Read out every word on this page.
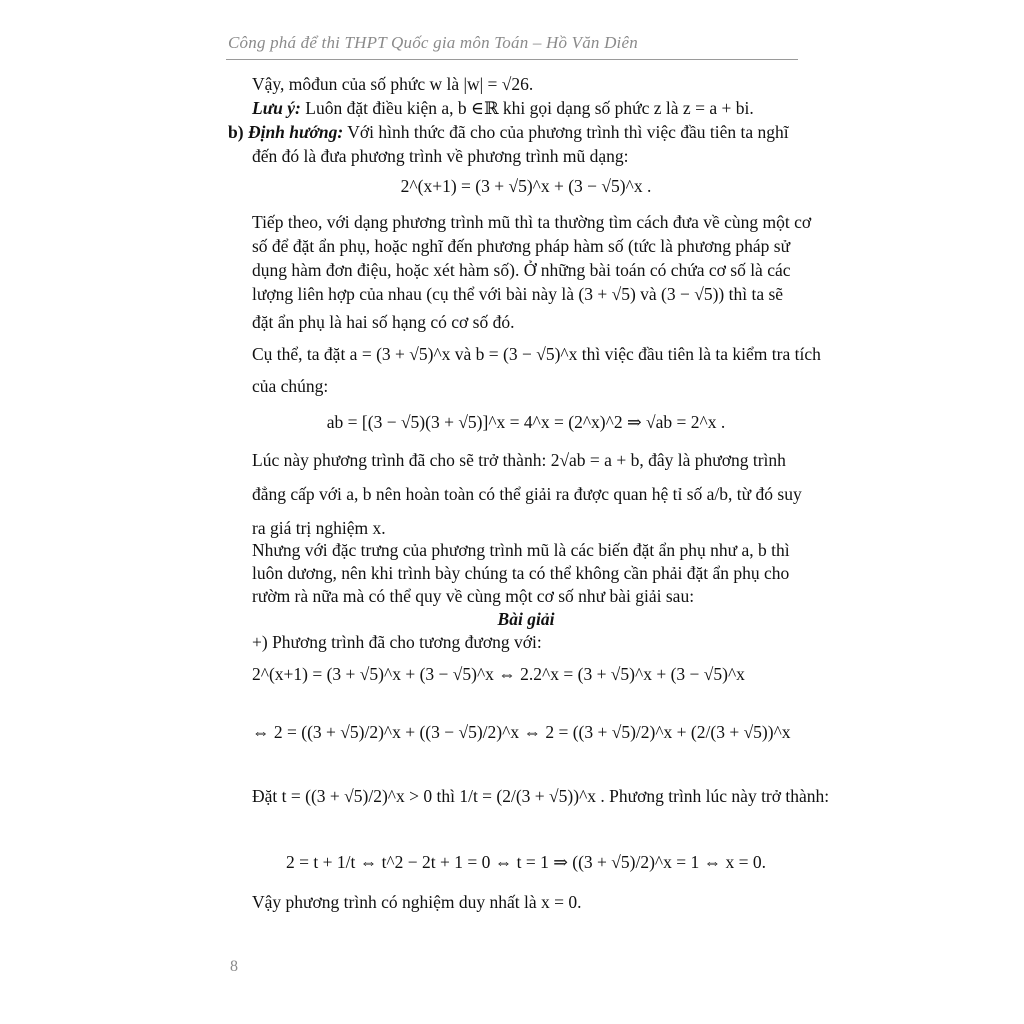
Công phá để thi THPT Quốc gia môn Toán – Hồ Văn Diên
Vậy, môđun của số phức w là |w| = √26.
Lưu ý: Luôn đặt điều kiện a, b ∈ℝ khi gọi dạng số phức z là z = a + bi.
b) Định hướng: Với hình thức đã cho của phương trình thì việc đầu tiên ta nghĩ
đến đó là đưa phương trình về phương trình mũ dạng:
2^(x+1) = (3 + √5)^x + (3 − √5)^x .
Tiếp theo, với dạng phương trình mũ thì ta thường tìm cách đưa về cùng một cơ
số để đặt ẩn phụ, hoặc nghĩ đến phương pháp hàm số (tức là phương pháp sử
dụng hàm đơn điệu, hoặc xét hàm số). Ở những bài toán có chứa cơ số là các
lượng liên hợp của nhau (cụ thể với bài này là (3 + √5) và (3 − √5)) thì ta sẽ
đặt ẩn phụ là hai số hạng có cơ số đó.
Cụ thể, ta đặt a = (3 + √5)^x và b = (3 − √5)^x thì việc đầu tiên là ta kiểm tra tích
của chúng:
ab = [(3 − √5)(3 + √5)]^x = 4^x = (2^x)^2 ⇒ √ab = 2^x .
Lúc này phương trình đã cho sẽ trở thành: 2√ab = a + b, đây là phương trình
đẳng cấp với a, b nên hoàn toàn có thể giải ra được quan hệ tỉ số a/b, từ đó suy
ra giá trị nghiệm x.
Nhưng với đặc trưng của phương trình mũ là các biến đặt ẩn phụ như a, b thì
luôn dương, nên khi trình bày chúng ta có thể không cần phải đặt ẩn phụ cho
rườm rà nữa mà có thể quy về cùng một cơ số như bài giải sau:
Bài giải
+) Phương trình đã cho tương đương với:
2^(x+1) = (3 + √5)^x + (3 − √5)^x ⇔ 2.2^x = (3 + √5)^x + (3 − √5)^x
⇔ 2 = ((3 + √5)/2)^x + ((3 − √5)/2)^x ⇔ 2 = ((3 + √5)/2)^x + (2/(3 + √5))^x
Đặt t = ((3 + √5)/2)^x > 0 thì 1/t = (2/(3 + √5))^x . Phương trình lúc này trở thành:
2 = t + 1/t ⇔ t^2 − 2t + 1 = 0 ⇔ t = 1 ⇒ ((3 + √5)/2)^x = 1 ⇔ x = 0.
Vậy phương trình có nghiệm duy nhất là x = 0.
8
